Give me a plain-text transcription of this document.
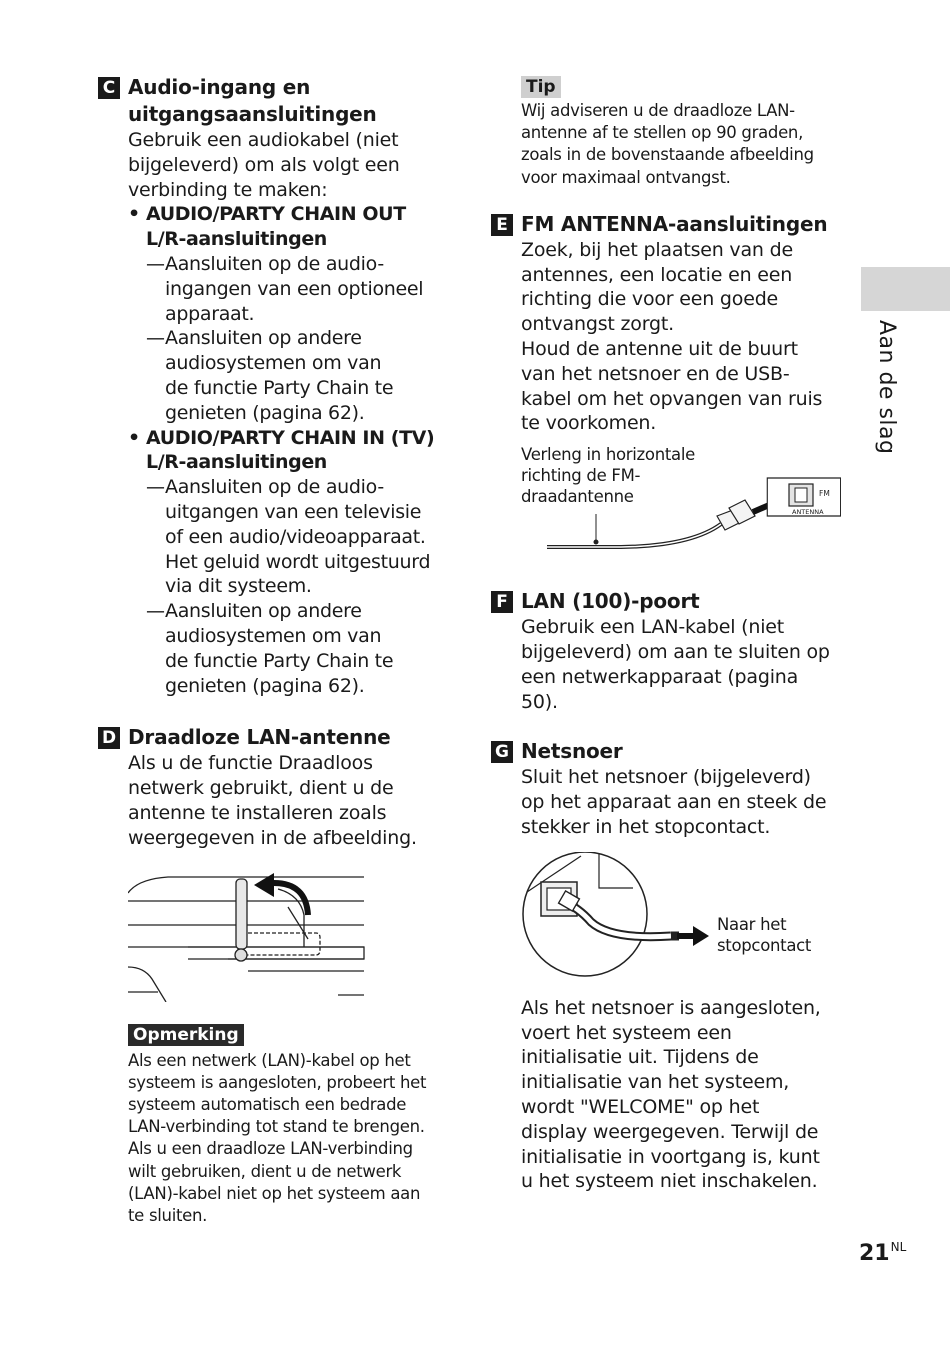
Aan de slag
C Audio-ingang en
uitgangsaansluitingen

Gebruik een audiokabel (niet
bijgeleverd) om als volgt een
verbinding te maken:

• AUDIO/PARTY CHAIN OUT
L/R-aansluitingen
— Aansluiten op de audio-
ingangen van een optioneel
apparaat.
— Aansluiten op andere
audiosystemen om van
de functie Party Chain te
genieten (pagina 62).
• AUDIO/PARTY CHAIN IN (TV)
L/R-aansluitingen
— Aansluiten op de audio-
uitgangen van een televisie
of een audio/videoapparaat.
Het geluid wordt uitgestuurd
via dit systeem.
— Aansluiten op andere
audiosystemen om van
de functie Party Chain te
genieten (pagina 62).
D Draadloze LAN-antenne

Als u de functie Draadloos
netwerk gebruikt, dient u de
antenne te installeren zoals
weergegeven in de afbeelding.

Opmerking

Als een netwerk (LAN)-kabel op het
systeem is aangesloten, probeert het
systeem automatisch een bedrade
LAN-verbinding tot stand te brengen.
Als u een draadloze LAN-verbinding
wilt gebruiken, dient u de netwerk
(LAN)-kabel niet op het systeem aan
te sluiten.

Tip

Wij adviseren u de draadloze LAN-
antenne af te stellen op 90 graden,
zoals in de bovenstaande afbeelding
voor maximaal ontvangst.

E FM ANTENNA-aansluitingen

Zoek, bij het plaatsen van de
antennes, een locatie en een
richting die voor een goede
ontvangst zorgt.
Houd de antenne uit de buurt
van het netsnoer en de USB-
kabel om het opvangen van ruis
te voorkomen.

Verleng in horizontale
richting de FM-
draadantenne	FM
ANTENNA
F LAN (100)-poort

Gebruik een LAN-kabel (niet
bijgeleverd) om aan te sluiten op
een netwerkapparaat (pagina
50).

G Netsnoer

Sluit het netsnoer (bijgeleverd)
op het apparaat aan en steek de
stekker in het stopcontact.

Naar het
stopcontact

Als het netsnoer is aangesloten,
voert het systeem een
initialisatie uit. Tijdens de
initialisatie van het systeem,
wordt "WELCOME" op het
display weergegeven. Terwijl de
initialisatie in voortgang is, kunt
u het systeem niet inschakelen.

$21^{NL}$
